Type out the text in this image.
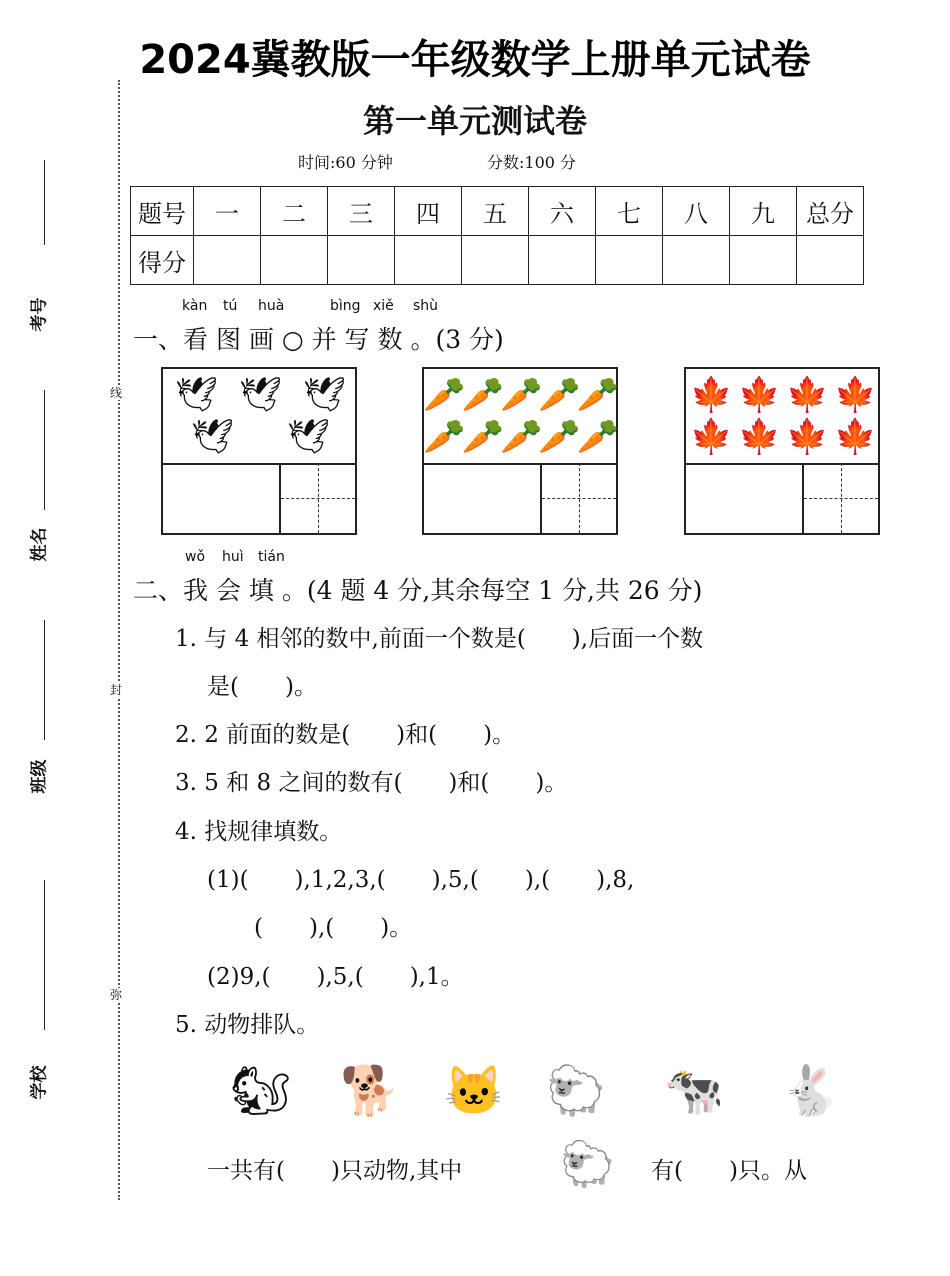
2024冀教版一年级数学上册单元试卷
第一单元测试卷
时间:60 分钟	分数:100 分
考号
姓名
班级
学校
线
封
弥
题号	一	二	三	四	五	六	七	八	九	总分
得分										
kàn tú huà	bìng xiě shù
一、看 图 画 ○ 并 写 数 。(3 分)
🕊 🕊 🕊
🕊 🕊
🥕
🥕
🥕
🥕
🥕
🥕
🥕
🥕
🥕
🥕
🍁 🍁 🍁 🍁
🍁 🍁 🍁 🍁
wǒ huì tián
二、我 会 填 。(4 题 4 分,其余每空 1 分,共 26 分)
1. 与 4 相邻的数中,前面一个数是(　　),后面一个数
是(　　)。
2. 2 前面的数是(　　)和(　　)。
3. 5 和 8 之间的数有(　　)和(　　)。
4. 找规律填数。
(1)(　　),1,2,3,(　　),5,(　　),(　　),8,
(　　),(　　)。
(2)9,(　　),5,(　　),1。
5. 动物排队。
🐿 🐕 🐱 🐑 🐄 🐇
一共有(　　)只动物,其中 🐑 有(　　)只。从
